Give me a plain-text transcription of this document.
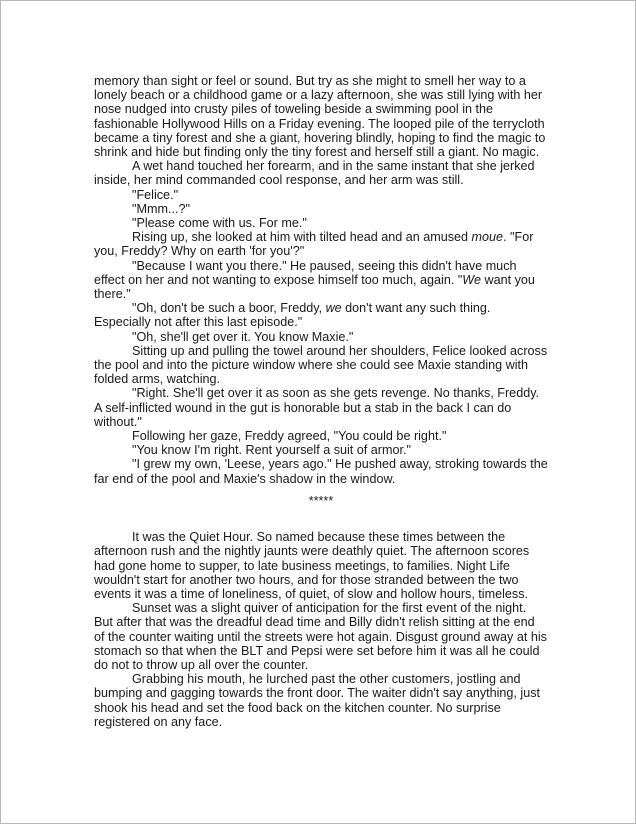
memory than sight or feel or sound. But try as she might to smell her way to a lonely beach or a childhood game or a lazy afternoon, she was still lying with her nose nudged into crusty piles of toweling beside a swimming pool in the fashionable Hollywood Hills on a Friday evening. The looped pile of the terrycloth became a tiny forest and she a giant, hovering blindly, hoping to find the magic to shrink and hide but finding only the tiny forest and herself still a giant. No magic.

A wet hand touched her forearm, and in the same instant that she jerked inside, her mind commanded cool response, and her arm was still.

"Felice."

"Mmm...?"

"Please come with us. For me."

Rising up, she looked at him with tilted head and an amused moue. "For you, Freddy? Why on earth 'for you'?"

"Because I want you there." He paused, seeing this didn't have much effect on her and not wanting to expose himself too much, again. "We want you there."

"Oh, don't be such a boor, Freddy, we don't want any such thing. Especially not after this last episode."

"Oh, she'll get over it. You know Maxie."

Sitting up and pulling the towel around her shoulders, Felice looked across the pool and into the picture window where she could see Maxie standing with folded arms, watching.

"Right. She'll get over it as soon as she gets revenge. No thanks, Freddy. A self-inflicted wound in the gut is honorable but a stab in the back I can do without."

Following her gaze, Freddy agreed, "You could be right."

"You know I'm right. Rent yourself a suit of armor."

"I grew my own, 'Leese, years ago." He pushed away, stroking towards the far end of the pool and Maxie's shadow in the window.

*****

It was the Quiet Hour. So named because these times between the afternoon rush and the nightly jaunts were deathly quiet. The afternoon scores had gone home to supper, to late business meetings, to families. Night Life wouldn't start for another two hours, and for those stranded between the two events it was a time of loneliness, of quiet, of slow and hollow hours, timeless.

Sunset was a slight quiver of anticipation for the first event of the night. But after that was the dreadful dead time and Billy didn't relish sitting at the end of the counter waiting until the streets were hot again. Disgust ground away at his stomach so that when the BLT and Pepsi were set before him it was all he could do not to throw up all over the counter.

Grabbing his mouth, he lurched past the other customers, jostling and bumping and gagging towards the front door. The waiter didn't say anything, just shook his head and set the food back on the kitchen counter. No surprise registered on any face.
